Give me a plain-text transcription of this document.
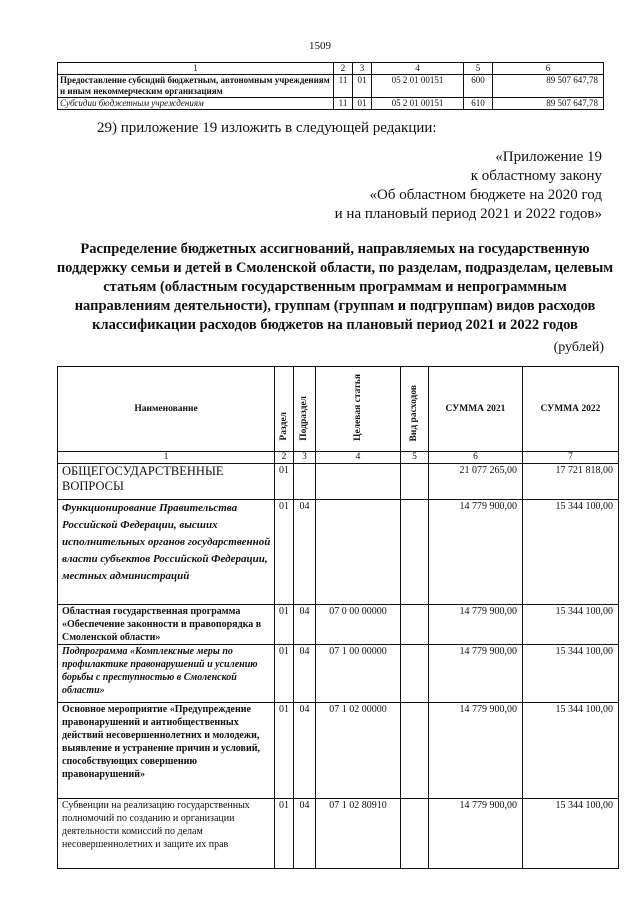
1509
1	2	3	4	5	6
Предоставление субсидий бюджетным, автономным учреждениям и иным некоммерческим организациям	11	01	05 2 01 00151	600	89 507 647,78
Субсидии бюджетным учреждениям	11	01	05 2 01 00151	610	89 507 647,78
29) приложение 19 изложить в следующей редакции:
«Приложение 19
к областному закону
«Об областном бюджете на 2020 год
и на плановый период 2021 и 2022 годов»
Распределение бюджетных ассигнований, направляемых на государственную поддержку семьи и детей в Смоленской области, по разделам, подразделам, целевым статьям (областным государственным программам и непрограммным направлениям деятельности), группам (группам и подгруппам) видов расходов классификации расходов бюджетов на плановый период 2021 и 2022 годов
(рублей)
Наименование	Раздел	Подраздел	Целевая статья	Вид расходов	СУММА 2021	СУММА 2022
1	2	3	4	5	6	7
ОБЩЕГОСУДАРСТВЕННЫЕ ВОПРОСЫ	01				21 077 265,00	17 721 818,00
Функционирование Правительства Российской Федерации, высших исполнительных органов государственной власти субъектов Российской Федерации, местных администраций	01	04			14 779 900,00	15 344 100,00
Областная государственная программа «Обеспечение законности и правопорядка в Смоленской области»	01	04	07 0 00 00000		14 779 900,00	15 344 100,00
Подпрограмма «Комплексные меры по профилактике правонарушений и усилению борьбы с преступностью в Смоленской области»	01	04	07 1 00 00000		14 779 900,00	15 344 100,00
Основное мероприятие «Предупреждение правонарушений и антиобщественных действий несовершеннолетних и молодежи, выявление и устранение причин и условий, способствующих совершению правонарушений»	01	04	07 1 02 00000		14 779 900,00	15 344 100,00
Субвенции на реализацию государственных полномочий по созданию и организации деятельности комиссий по делам несовершеннолетних и защите их прав	01	04	07 1 02 80910		14 779 900,00	15 344 100,00
